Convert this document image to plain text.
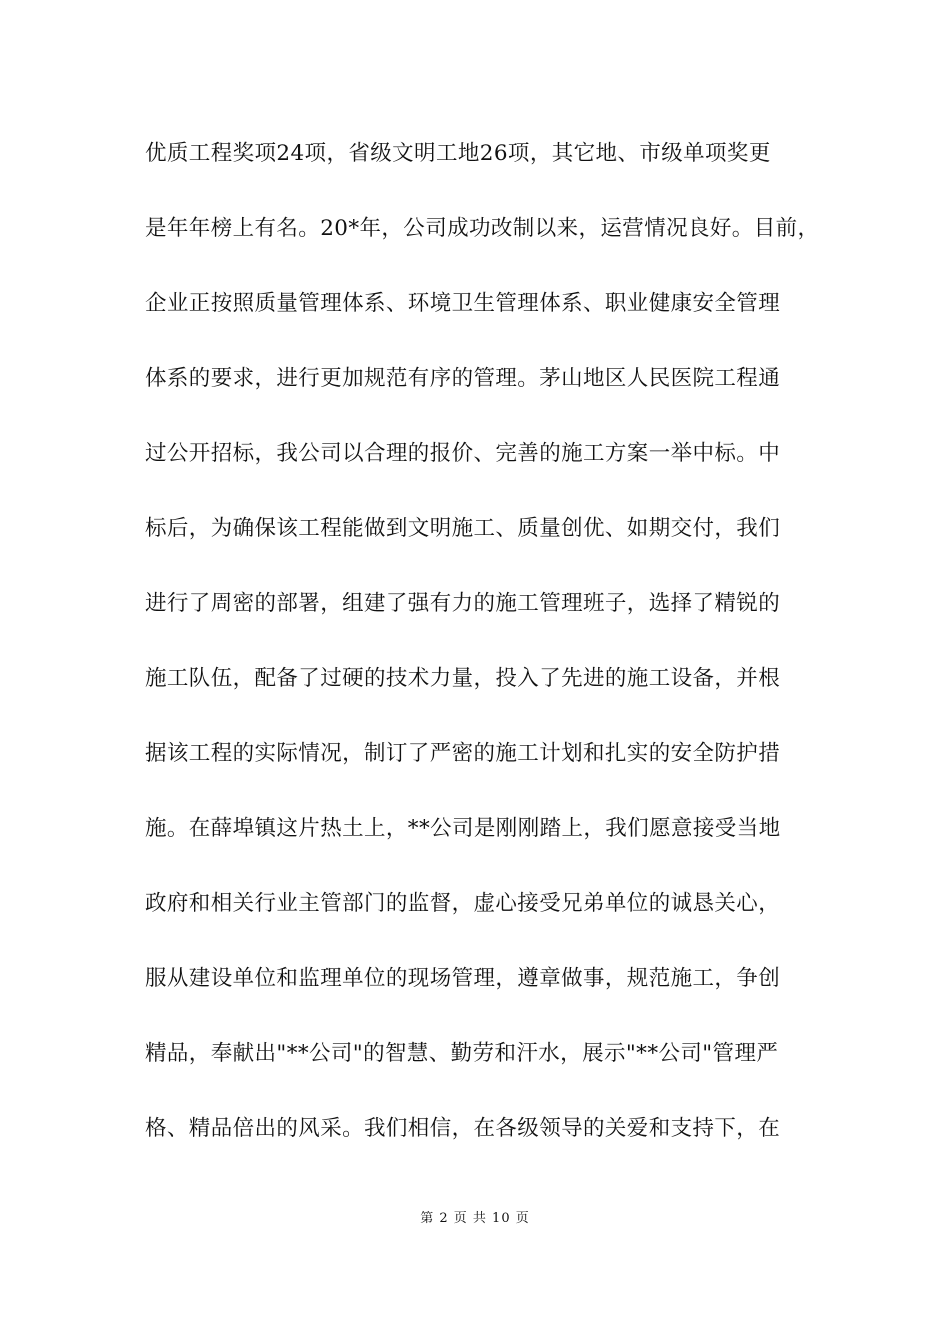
优质工程奖项24项，省级文明工地26项，其它地、市级单项奖更
是年年榜上有名。20*年，公司成功改制以来，运营情况良好。目前，
企业正按照质量管理体系、环境卫生管理体系、职业健康安全管理
体系的要求，进行更加规范有序的管理。茅山地区人民医院工程通
过公开招标，我公司以合理的报价、完善的施工方案一举中标。中
标后，为确保该工程能做到文明施工、质量创优、如期交付，我们
进行了周密的部署，组建了强有力的施工管理班子，选择了精锐的
施工队伍，配备了过硬的技术力量，投入了先进的施工设备，并根
据该工程的实际情况，制订了严密的施工计划和扎实的安全防护措
施。在薛埠镇这片热土上，**公司是刚刚踏上，我们愿意接受当地
政府和相关行业主管部门的监督，虚心接受兄弟单位的诚恳关心，
服从建设单位和监理单位的现场管理，遵章做事，规范施工，争创
精品，奉献出"**公司"的智慧、勤劳和汗水，展示"**公司"管理严
格、精品倍出的风采。我们相信，在各级领导的关爱和支持下，在
第 2 页 共 10 页
